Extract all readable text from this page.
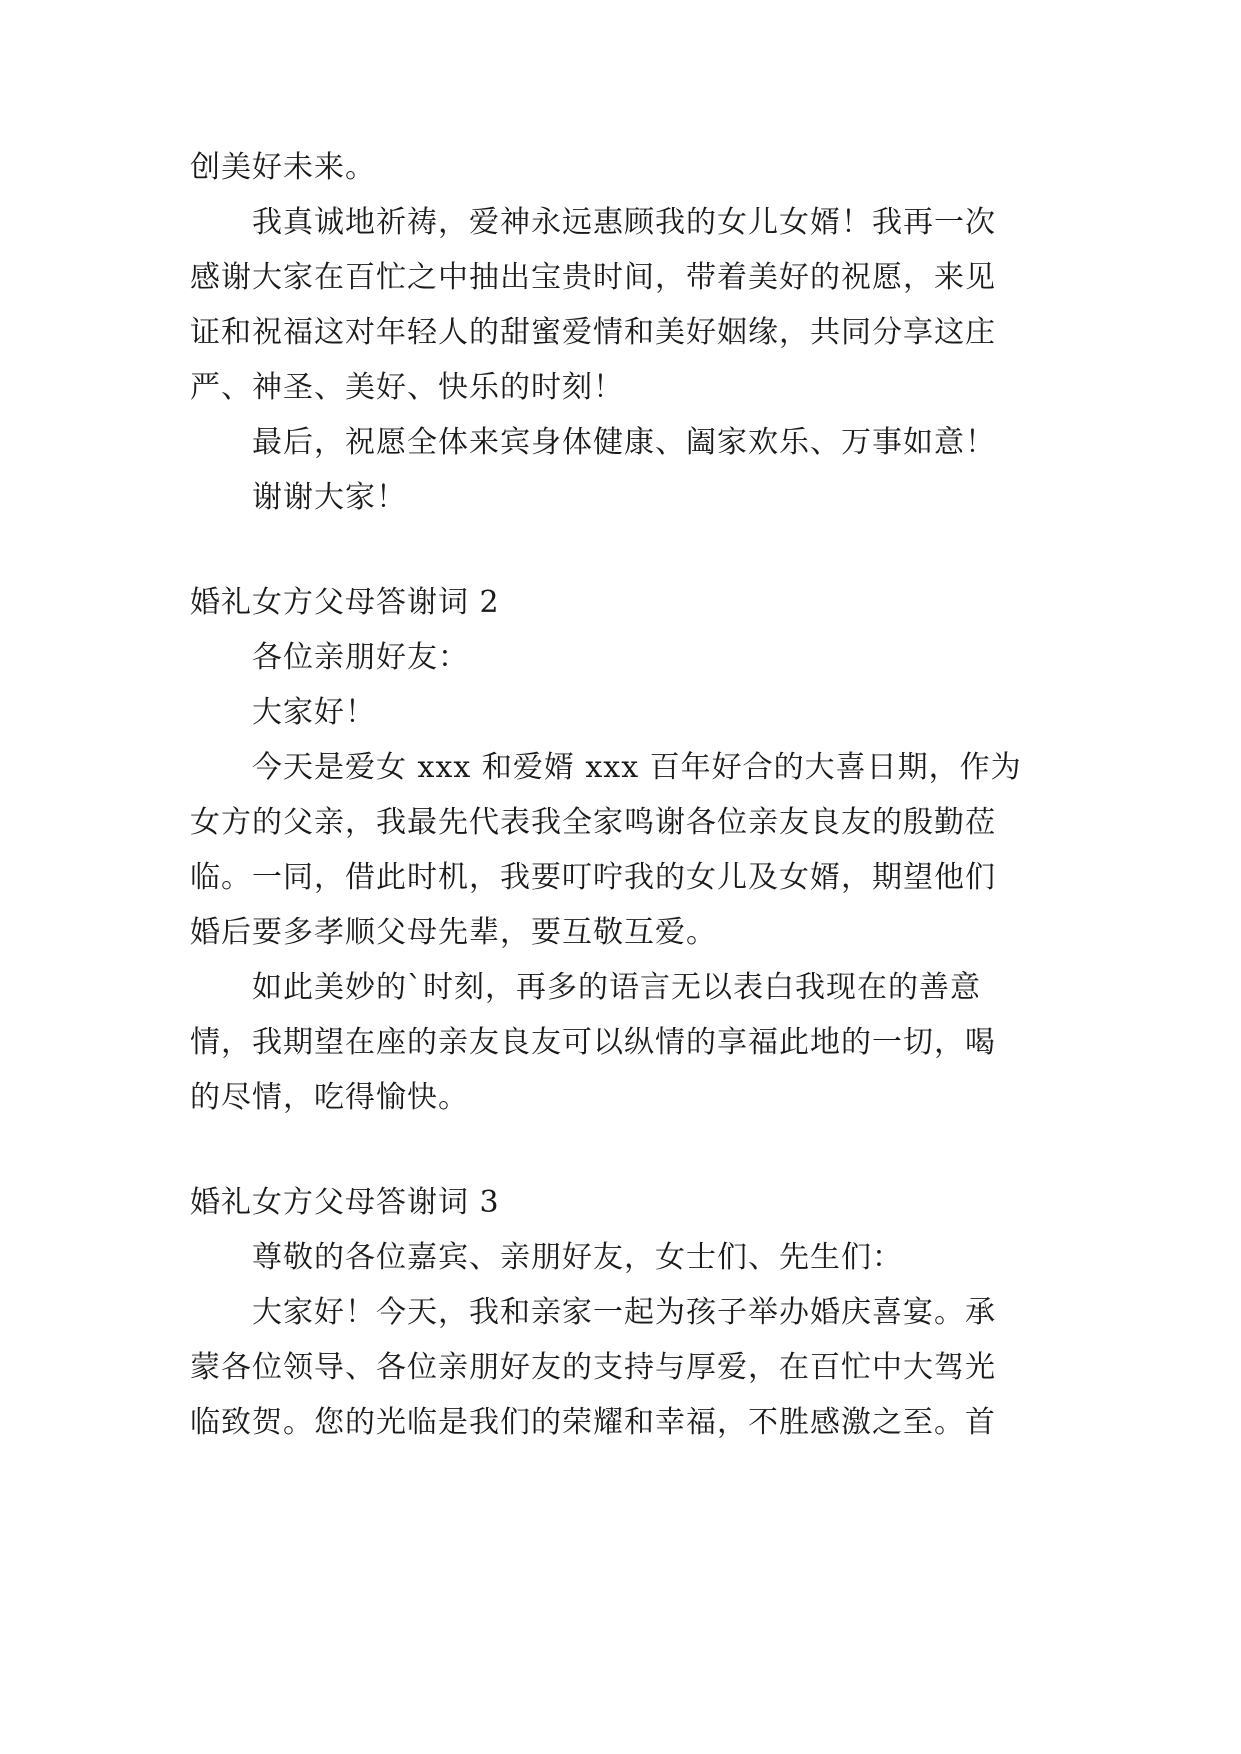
创美好未来。

我真诚地祈祷，爱神永远惠顾我的女儿女婿！我再一次

感谢大家在百忙之中抽出宝贵时间，带着美好的祝愿，来见

证和祝福这对年轻人的甜蜜爱情和美好姻缘，共同分享这庄

严、神圣、美好、快乐的时刻！

最后，祝愿全体来宾身体健康、阖家欢乐、万事如意！

谢谢大家！

婚礼女方父母答谢词 2

各位亲朋好友：

大家好！

今天是爱女 xxx 和爱婿 xxx 百年好合的大喜日期，作为

女方的父亲，我最先代表我全家鸣谢各位亲友良友的殷勤莅

临。一同，借此时机，我要叮咛我的女儿及女婿，期望他们

婚后要多孝顺父母先辈，要互敬互爱。

如此美妙的`时刻，再多的语言无以表白我现在的善意

情，我期望在座的亲友良友可以纵情的享福此地的一切，喝

的尽情，吃得愉快。

婚礼女方父母答谢词 3

尊敬的各位嘉宾、亲朋好友，女士们、先生们：

大家好！今天，我和亲家一起为孩子举办婚庆喜宴。承

蒙各位领导、各位亲朋好友的支持与厚爱，在百忙中大驾光

临致贺。您的光临是我们的荣耀和幸福，不胜感激之至。首
